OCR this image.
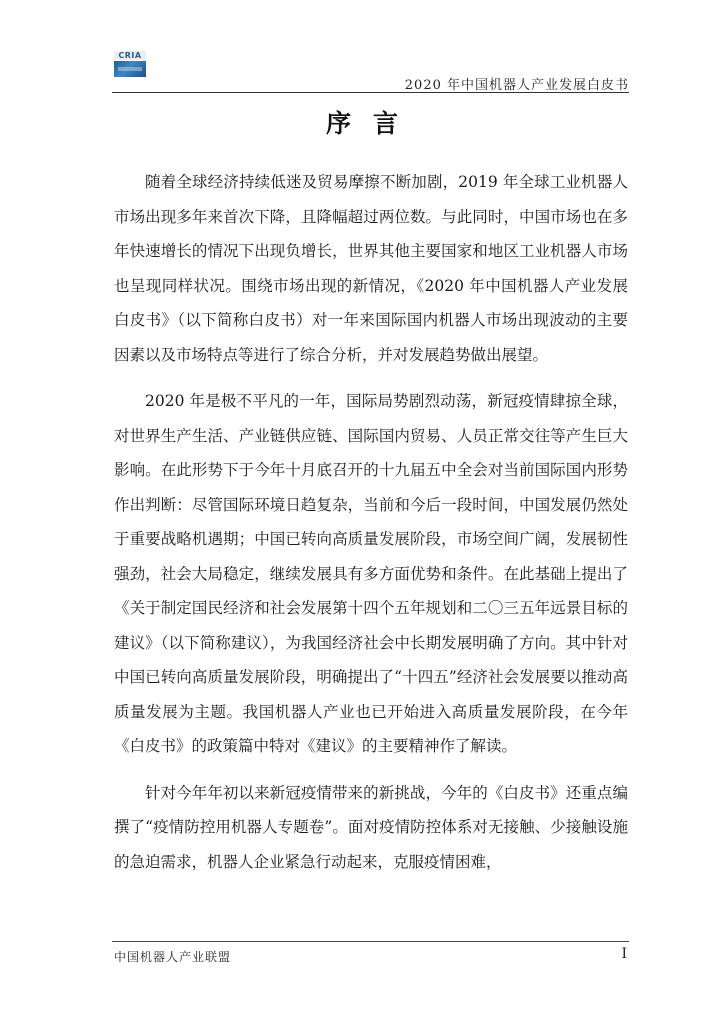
CRIA
2020 年中国机器人产业发展白皮书
序言

随着全球经济持续低迷及贸易摩擦不断加剧，2019 年全球工业机器人市场出现多年来首次下降，且降幅超过两位数。与此同时，中国市场也在多年快速增长的情况下出现负增长，世界其他主要国家和地区工业机器人市场也呈现同样状况。围绕市场出现的新情况，《2020 年中国机器人产业发展白皮书》（以下简称白皮书）对一年来国际国内机器人市场出现波动的主要因素以及市场特点等进行了综合分析，并对发展趋势做出展望。

2020 年是极不平凡的一年，国际局势剧烈动荡，新冠疫情肆掠全球，对世界生产生活、产业链供应链、国际国内贸易、人员正常交往等产生巨大影响。在此形势下于今年十月底召开的十九届五中全会对当前国际国内形势作出判断：尽管国际环境日趋复杂，当前和今后一段时间，中国发展仍然处于重要战略机遇期；中国已转向高质量发展阶段，市场空间广阔，发展韧性强劲，社会大局稳定，继续发展具有多方面优势和条件。在此基础上提出了《关于制定国民经济和社会发展第十四个五年规划和二〇三五年远景目标的建议》（以下简称建议），为我国经济社会中长期发展明确了方向。其中针对中国已转向高质量发展阶段，明确提出了“十四五”经济社会发展要以推动高质量发展为主题。我国机器人产业也已开始进入高质量发展阶段，在今年《白皮书》的政策篇中特对《建议》的主要精神作了解读。

针对今年年初以来新冠疫情带来的新挑战，今年的《白皮书》还重点编撰了“疫情防控用机器人专题卷”。面对疫情防控体系对无接触、少接触设施的急迫需求，机器人企业紧急行动起来，克服疫情困难，

中国机器人产业联盟	I
